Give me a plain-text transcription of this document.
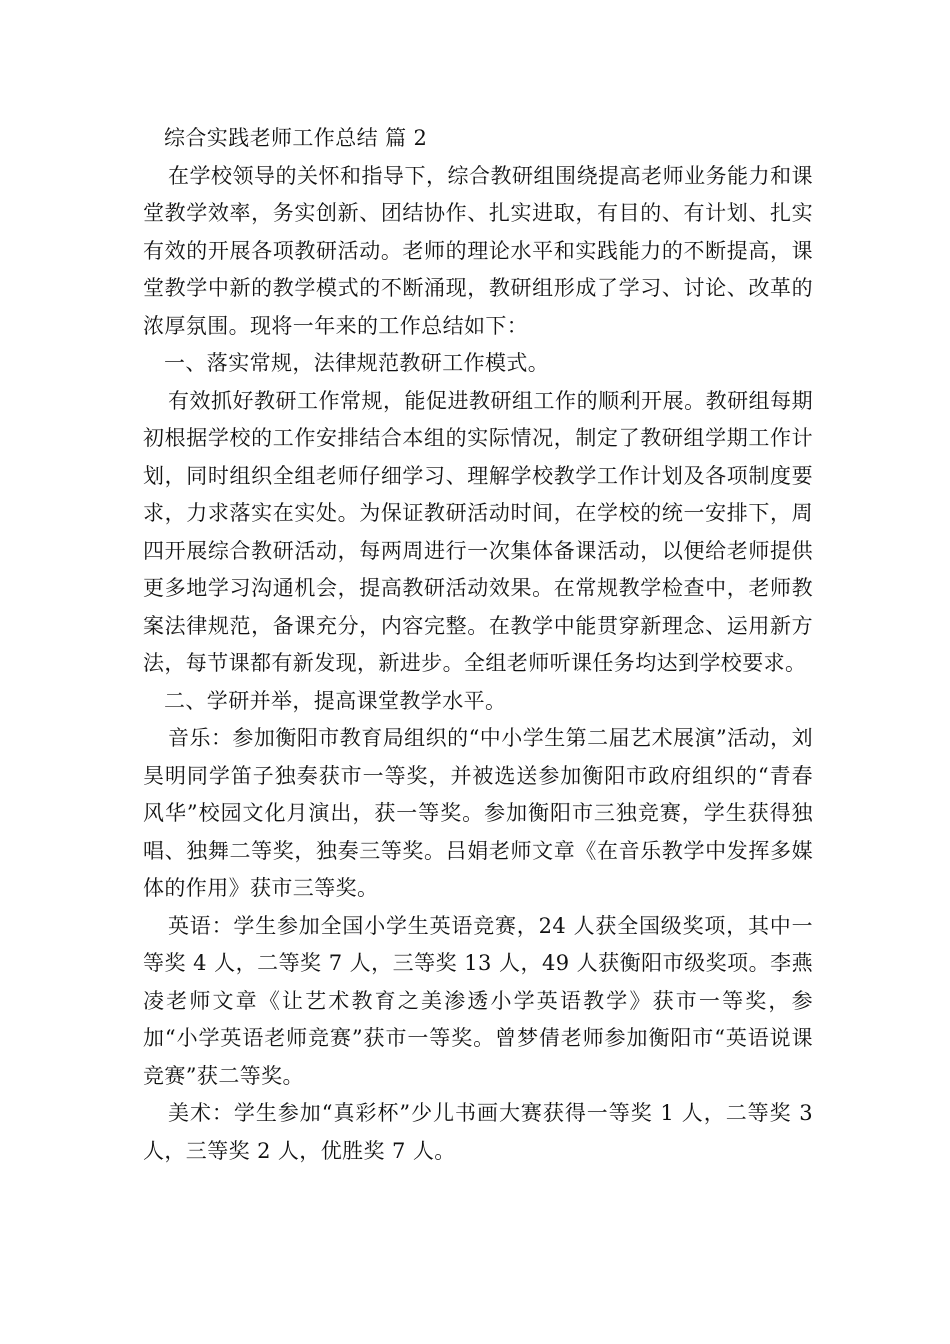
综合实践老师工作总结 篇 2

在学校领导的关怀和指导下，综合教研组围绕提高老师业务能力和课堂教学效率，务实创新、团结协作、扎实进取，有目的、有计划、扎实有效的开展各项教研活动。老师的理论水平和实践能力的不断提高，课堂教学中新的教学模式的不断涌现，教研组形成了学习、讨论、改革的浓厚氛围。现将一年来的工作总结如下：

一、落实常规，法律规范教研工作模式。

有效抓好教研工作常规，能促进教研组工作的顺利开展。教研组每期初根据学校的工作安排结合本组的实际情况，制定了教研组学期工作计划，同时组织全组老师仔细学习、理解学校教学工作计划及各项制度要求，力求落实在实处。为保证教研活动时间，在学校的统一安排下，周四开展综合教研活动，每两周进行一次集体备课活动，以便给老师提供更多地学习沟通机会，提高教研活动效果。在常规教学检查中，老师教案法律规范，备课充分，内容完整。在教学中能贯穿新理念、运用新方法，每节课都有新发现，新进步。全组老师听课任务均达到学校要求。

二、学研并举，提高课堂教学水平。

音乐：参加衡阳市教育局组织的“中小学生第二届艺术展演”活动，刘昊明同学笛子独奏获市一等奖，并被选送参加衡阳市政府组织的“青春风华”校园文化月演出，获一等奖。参加衡阳市三独竞赛，学生获得独唱、独舞二等奖，独奏三等奖。吕娟老师文章《在音乐教学中发挥多媒体的作用》获市三等奖。

英语：学生参加全国小学生英语竞赛，24 人获全国级奖项，其中一等奖 4 人，二等奖 7 人，三等奖 13 人，49 人获衡阳市级奖项。李燕凌老师文章《让艺术教育之美渗透小学英语教学》获市一等奖，参加“小学英语老师竞赛”获市一等奖。曾梦倩老师参加衡阳市“英语说课竞赛”获二等奖。

美术：学生参加“真彩杯”少儿书画大赛获得一等奖 1 人，二等奖 3 人，三等奖 2 人，优胜奖 7 人。
